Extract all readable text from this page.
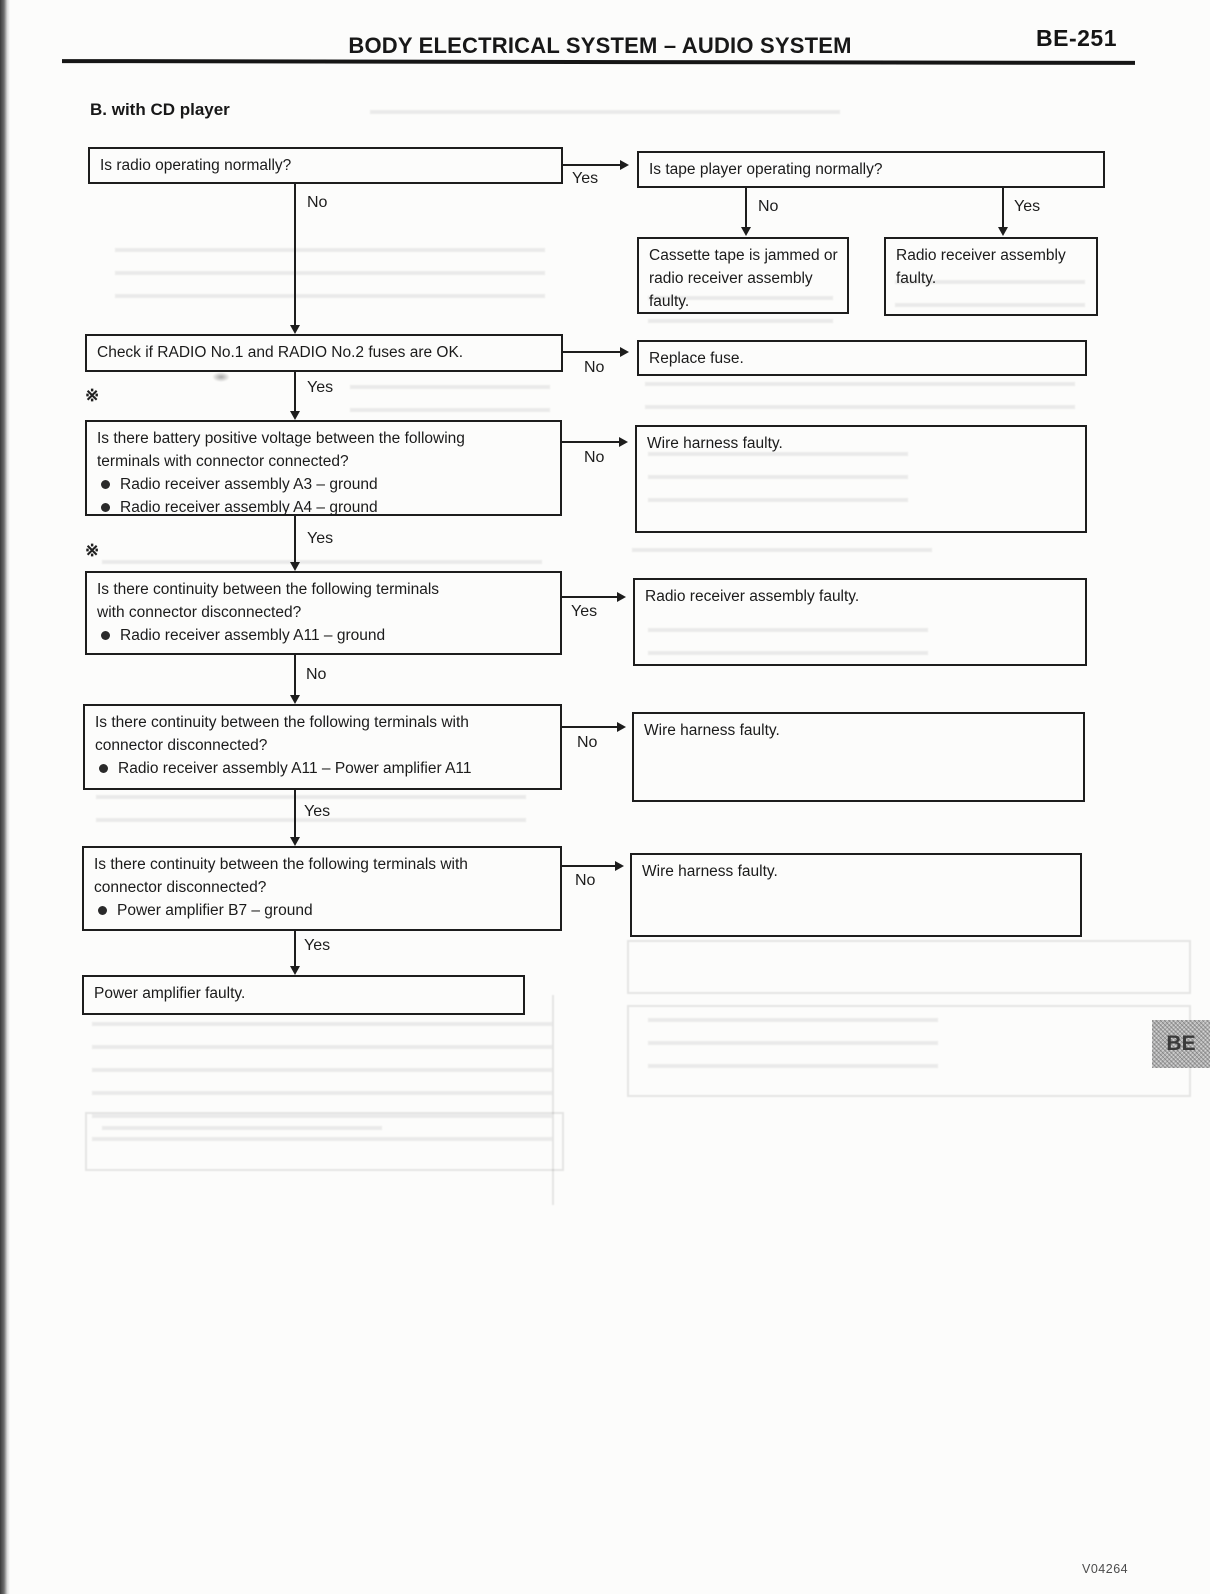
BODY ELECTRICAL SYSTEM – AUDIO SYSTEM	BE-251
B. with CD player
※
※
Is radio operating normally?	Is tape player operating normally?
Cassette tape is jammed or
radio receiver assembly
faulty.
Radio receiver assembly
faulty.
Check if RADIO No.1 and RADIO No.2 fuses are OK.	Replace fuse.
Is there battery positive voltage between the following
terminals with connector connected?
Radio receiver assembly A3 – ground
Radio receiver assembly A4 – ground
Wire harness faulty.
Is there continuity between the following terminals
with connector disconnected?
Radio receiver assembly A11 – ground
Radio receiver assembly faulty.
Is there continuity between the following terminals with
connector disconnected?
Radio receiver assembly A11 – Power amplifier A11
Wire harness faulty.
Is there continuity between the following terminals with
connector disconnected?
Power amplifier B7 – ground
Wire harness faulty.
Power amplifier faulty.
Yes
No	Yes
No
No
Yes
No
Yes
Yes
No
No
Yes
No
Yes
BE
V04264
